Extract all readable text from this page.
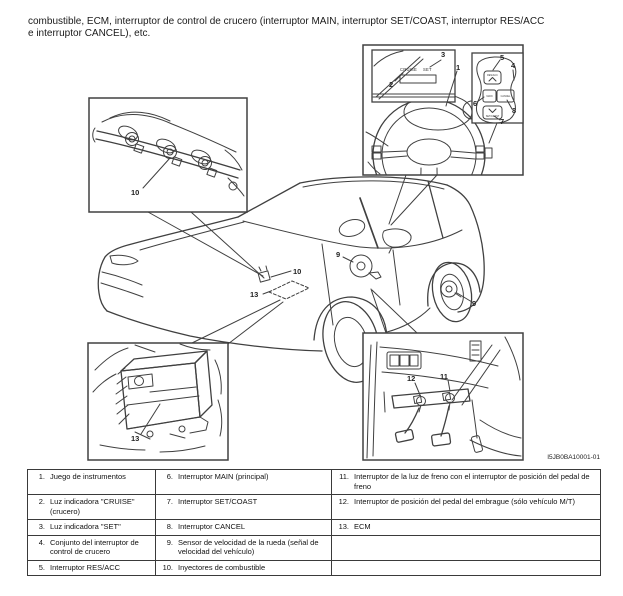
combustible, ECM, interruptor de control de crucero (interruptor MAIN, interruptor SET/COAST, interruptor RES/ACC
e interruptor CANCEL), etc.

10
13
9
9
10
CRUISE SET
2
3
1
RES/ACC
MAIN	CANCEL
SET/COAST
5
4
6
8
7
13
12	11
I5JB0BA10001-01
1. Juego de instrumentos	6. Interruptor MAIN (principal)	11. Interruptor de la luz de freno con el interruptor de posición del pedal de freno

2. Luz indicadora "CRUISE" (crucero)	7. Interruptor SET/COAST	12. Interruptor de posición del pedal del embrague (sólo vehículo M/T)

3. Luz indicadora "SET"	8. Interruptor CANCEL	13. ECM

4. Conjunto del interruptor de control de crucero	9. Sensor de velocidad de la rueda (señal de velocidad del vehículo)	

5. Interruptor RES/ACC	10. Inyectores de combustible	
